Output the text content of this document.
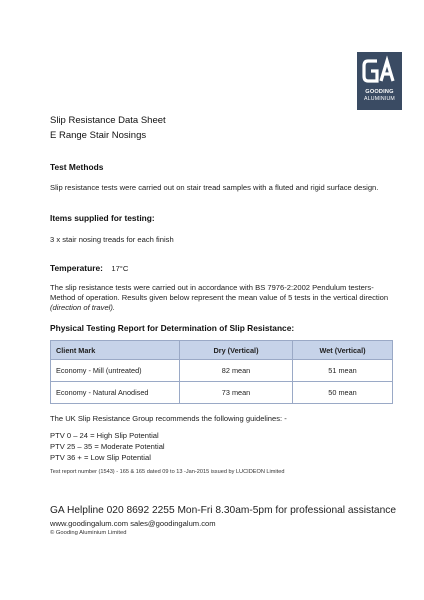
GOODING
ALUMINIUM
Slip Resistance Data Sheet
E Range Stair Nosings
Test Methods
Slip resistance tests were carried out on stair tread samples with a fluted and rigid surface design.
Items supplied for testing:
3 x stair nosing treads for each finish
Temperature: 17°C
The slip resistance tests were carried out in accordance with BS 7976-2:2002 Pendulum testers- Method of operation. Results given below represent the mean value of 5 tests in the vertical direction (direction of travel).
Physical Testing Report for Determination of Slip Resistance:
Client Mark	Dry (Vertical)	Wet (Vertical)
Economy - Mill (untreated)	82 mean	51 mean
Economy - Natural Anodised	73 mean	50 mean
The UK Slip Resistance Group recommends the following guidelines: -
PTV 0 – 24 = High Slip Potential
PTV 25 – 35 = Moderate Potential
PTV 36 + = Low Slip Potential
Test report number (1543) - 165 & 165 dated 09 to 13 -Jan-2015 issued by LUCIDEON Limited
GA Helpline 020 8692 2255 Mon-Fri 8.30am-5pm for professional assistance
www.goodingalum.com sales@goodingalum.com
© Gooding Aluminium Limited
